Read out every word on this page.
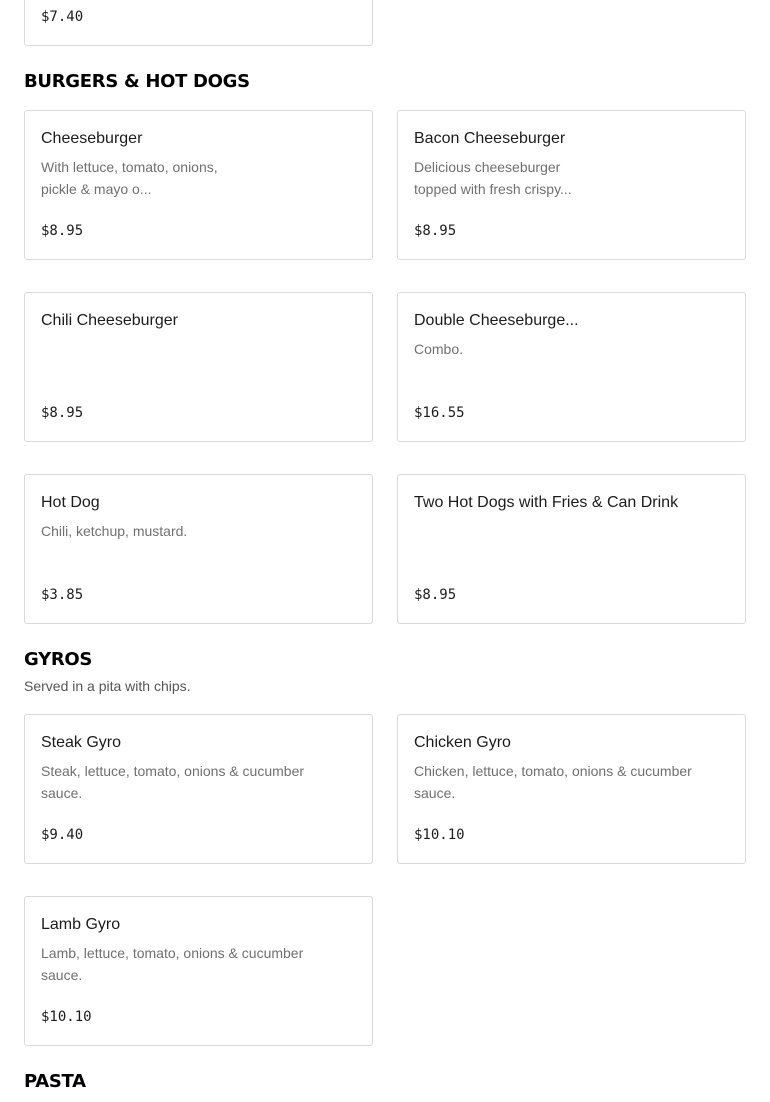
$7.40
BURGERS & HOT DOGS
Cheeseburger
With lettuce, tomato, onions, pickle & mayo o...
$8.95
Bacon Cheeseburger
Delicious cheeseburger topped with fresh crispy...
$8.95
Chili Cheeseburger
$8.95
Double Cheeseburge...
Combo.
$16.55
Hot Dog
Chili, ketchup, mustard.
$3.85
Two Hot Dogs with Fries & Can Drink
$8.95
GYROS
Served in a pita with chips.
Steak Gyro
Steak, lettuce, tomato, onions & cucumber sauce.
$9.40
Chicken Gyro
Chicken, lettuce, tomato, onions & cucumber sauce.
$10.10
Lamb Gyro
Lamb, lettuce, tomato, onions & cucumber sauce.
$10.10
PASTA
